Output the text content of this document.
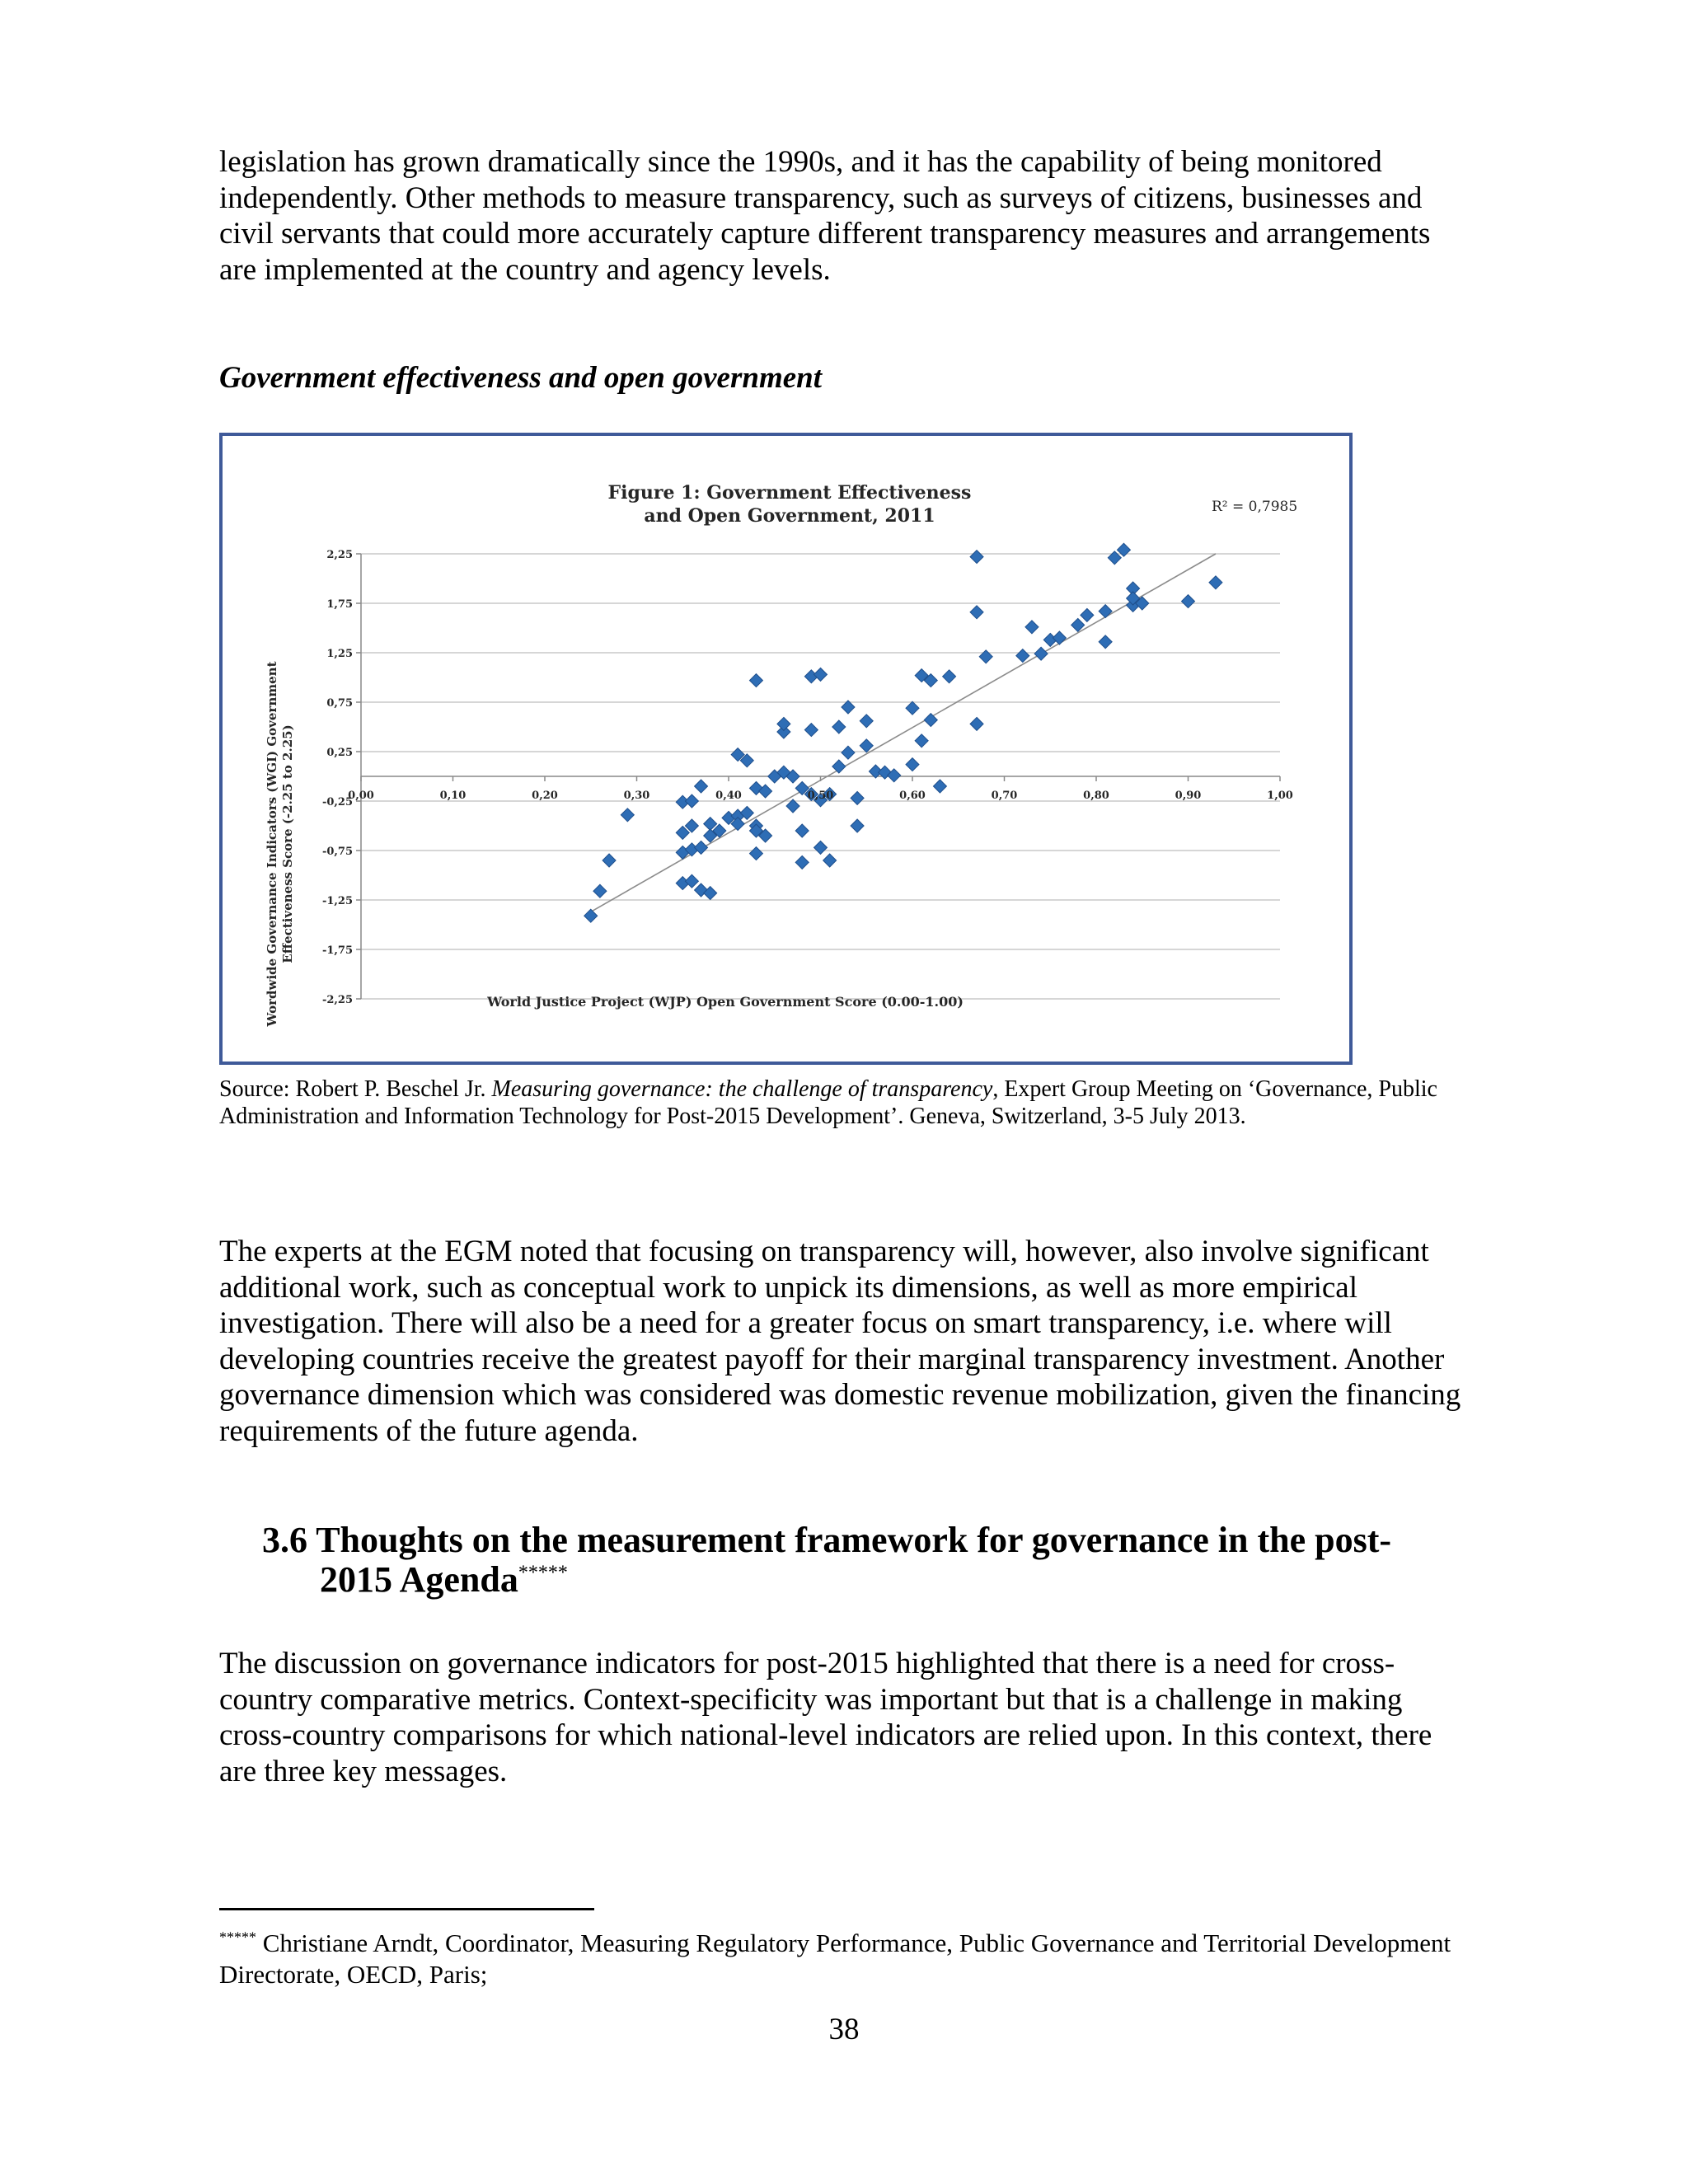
legislation has grown dramatically since the 1990s, and it has the capability of being monitored independently. Other methods to measure transparency, such as surveys of citizens, businesses and civil servants that could more accurately capture different transparency measures and arrangements are implemented at the country and agency levels.

Government effectiveness and open government

Figure 1: Government Effectiveness
and Open Government, 2011	R² = 0,7985
Wordwide Governance Indicators (WGI) Government Effectiveness Score (-2.25 to 2.25)
2,25
1,75
1,25
0,75
0,25
-0,25
-0,75
-1,25
-1,75
-2,25
0,00	0,10	0,20	0,30	0,40	0,50	0,60	0,70	0,80	0,90	1,00
World Justice Project (WJP) Open Government Score (0.00-1.00)

Source: Robert P. Beschel Jr. Measuring governance: the challenge of transparency, Expert Group Meeting on ‘Governance, Public Administration and Information Technology for Post-2015 Development’. Geneva, Switzerland, 3-5 July 2013.

The experts at the EGM noted that focusing on transparency will, however, also involve significant additional work, such as conceptual work to unpick its dimensions, as well as more empirical investigation. There will also be a need for a greater focus on smart transparency, i.e. where will developing countries receive the greatest payoff for their marginal transparency investment. Another governance dimension which was considered was domestic revenue mobilization, given the financing requirements of the future agenda.

3.6 Thoughts on the measurement framework for governance in the post-
2015 Agenda*****

The discussion on governance indicators for post-2015 highlighted that there is a need for cross-country comparative metrics. Context-specificity was important but that is a challenge in making cross-country comparisons for which national-level indicators are relied upon. In this context, there are three key messages.

***** Christiane Arndt, Coordinator, Measuring Regulatory Performance, Public Governance and Territorial Development Directorate, OECD, Paris;

38
